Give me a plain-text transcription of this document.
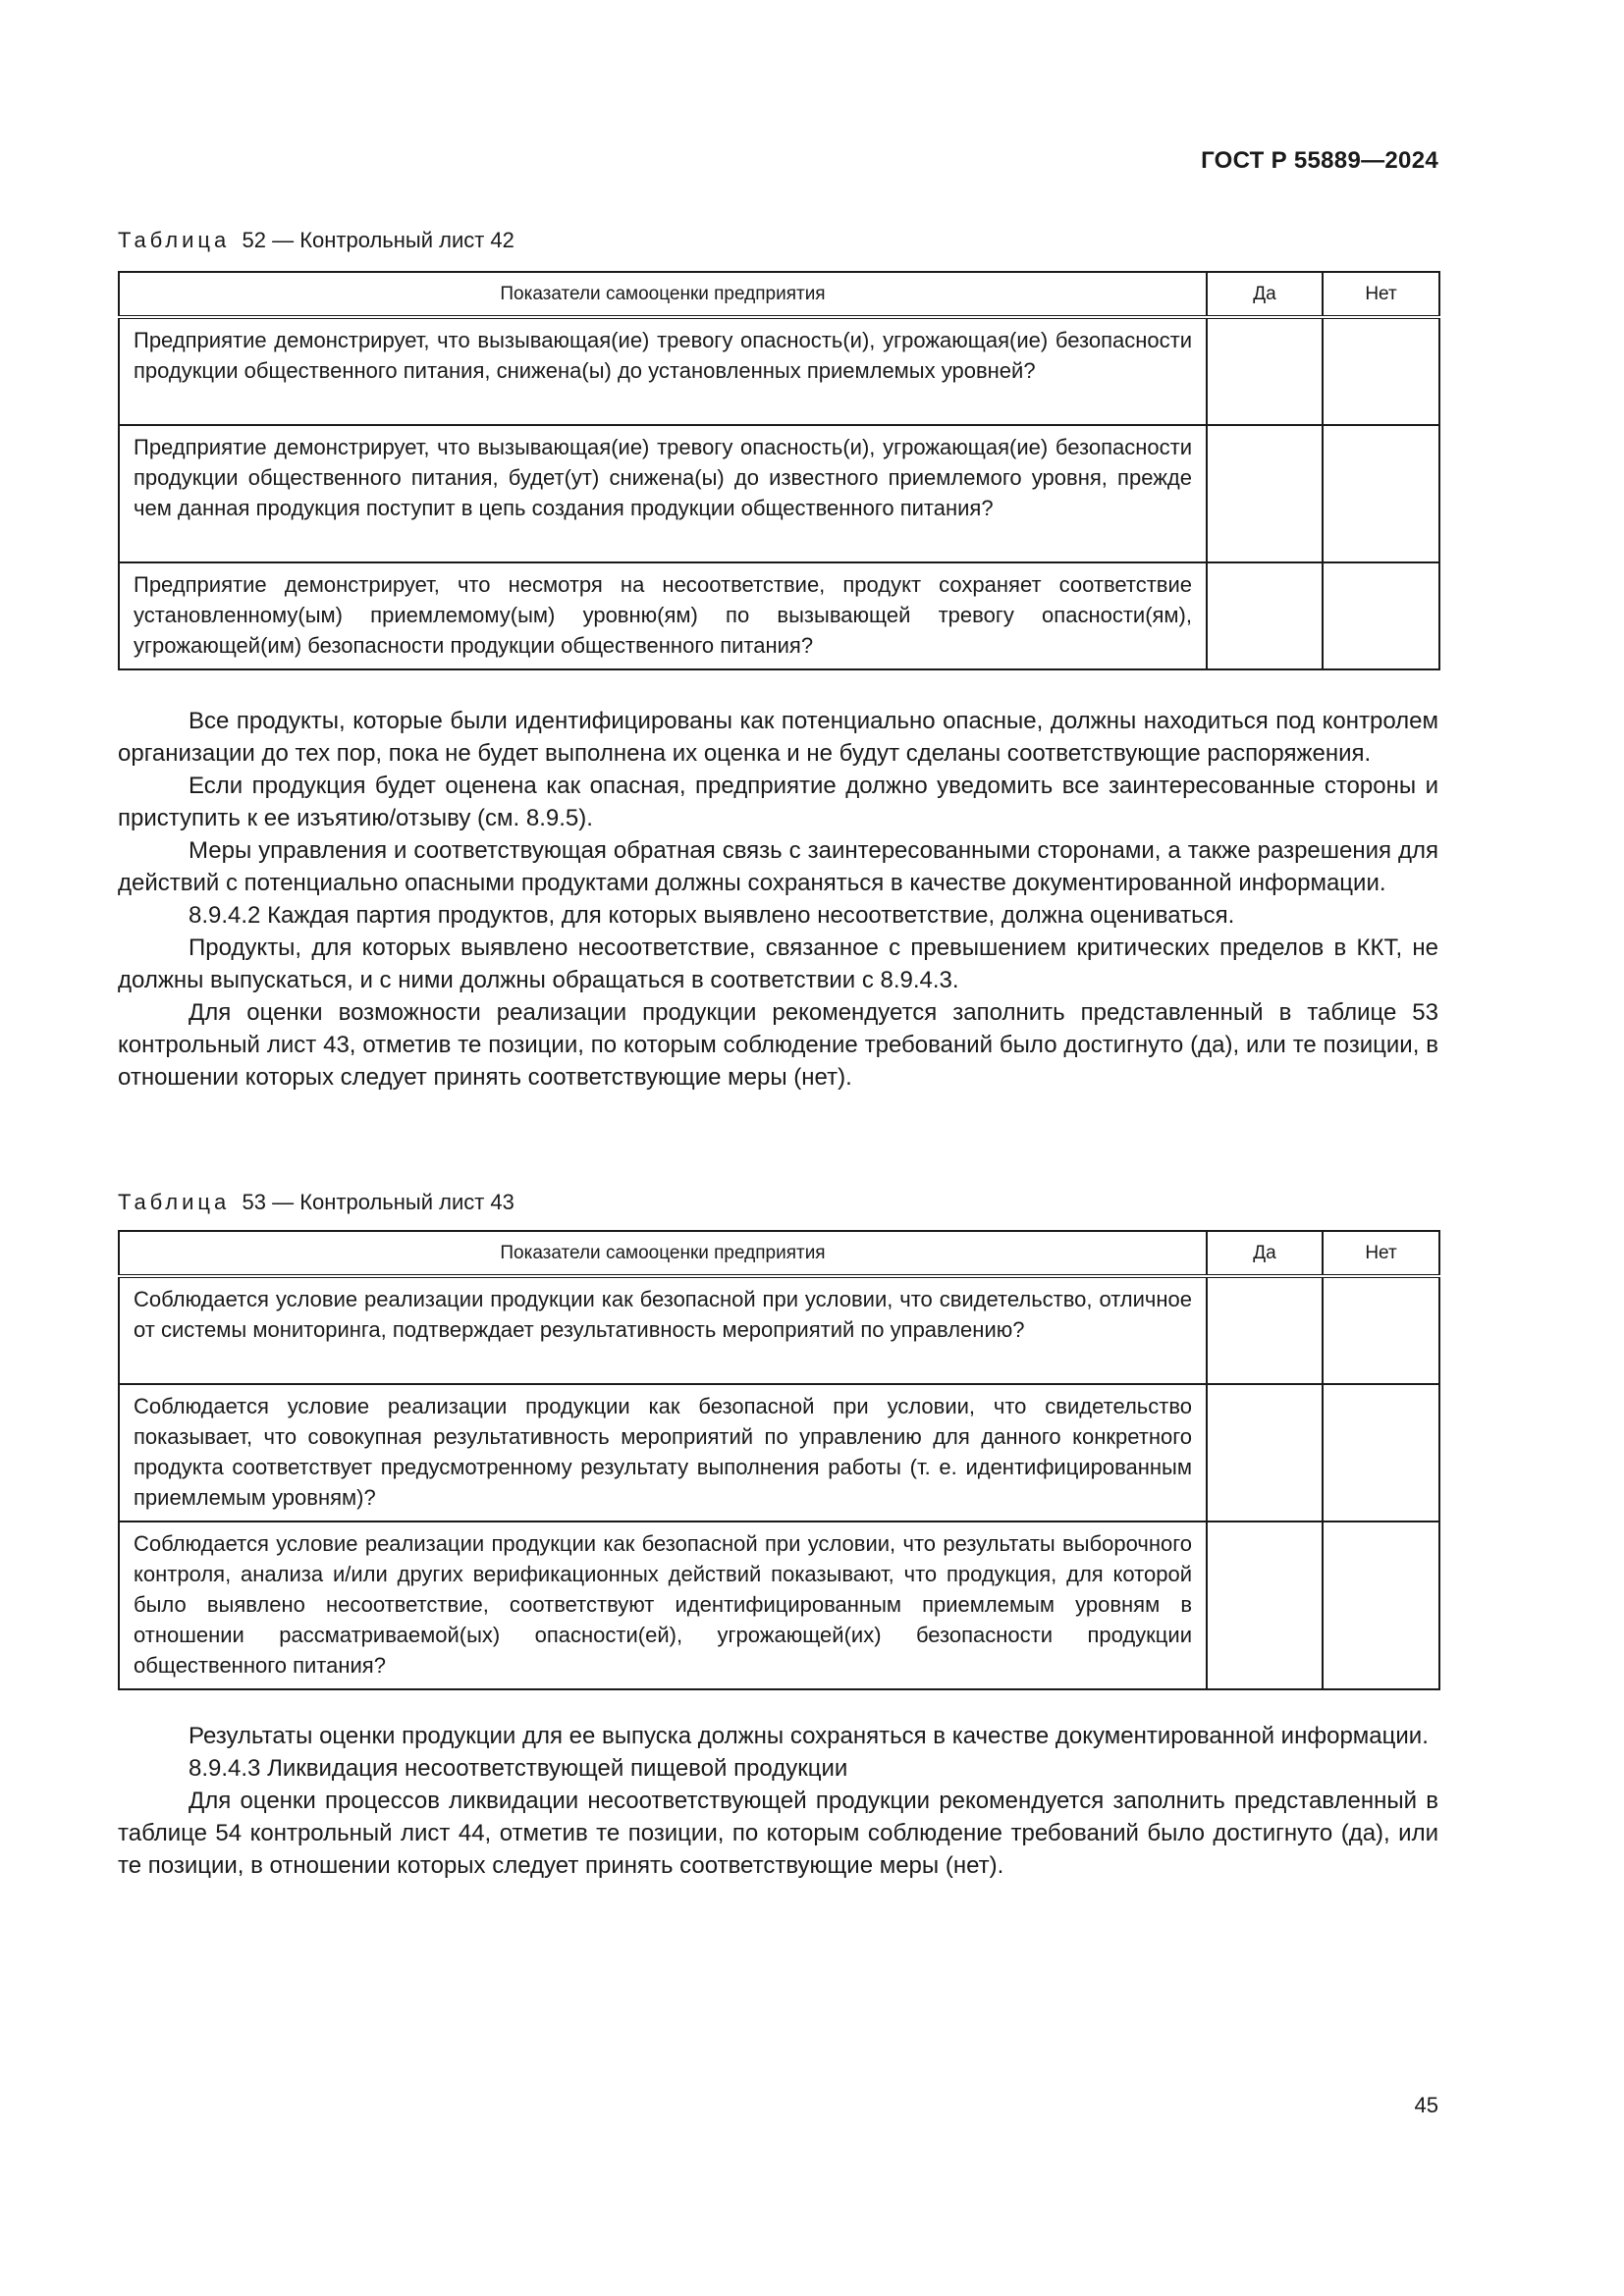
ГОСТ Р 55889—2024
Таблица 52 — Контрольный лист 42
Показатели самооценки предприятия	Да	Нет
Предприятие демонстрирует, что вызывающая(ие) тревогу опасность(и), угрожающая(ие) безопасности продукции общественного питания, снижена(ы) до установленных приемлемых уровней?		
Предприятие демонстрирует, что вызывающая(ие) тревогу опасность(и), угрожающая(ие) безопасности продукции общественного питания, будет(ут) снижена(ы) до известного приемлемого уровня, прежде чем данная продукция поступит в цепь создания продукции общественного питания?		
Предприятие демонстрирует, что несмотря на несоответствие, продукт сохраняет соответствие установленному(ым) приемлемому(ым) уровню(ям) по вызывающей тревогу опасности(ям), угрожающей(им) безопасности продукции общественного питания?		

Все продукты, которые были идентифицированы как потенциально опасные, должны находиться под контролем организации до тех пор, пока не будет выполнена их оценка и не будут сделаны соответствующие распоряжения.

Если продукция будет оценена как опасная, предприятие должно уведомить все заинтересованные стороны и приступить к ее изъятию/отзыву (см. 8.9.5).

Меры управления и соответствующая обратная связь с заинтересованными сторонами, а также разрешения для действий с потенциально опасными продуктами должны сохраняться в качестве документированной информации.

8.9.4.2 Каждая партия продуктов, для которых выявлено несоответствие, должна оцениваться.

Продукты, для которых выявлено несоответствие, связанное с превышением критических пределов в ККТ, не должны выпускаться, и с ними должны обращаться в соответствии с 8.9.4.3.

Для оценки возможности реализации продукции рекомендуется заполнить представленный в таблице 53 контрольный лист 43, отметив те позиции, по которым соблюдение требований было достигнуто (да), или те позиции, в отношении которых следует принять соответствующие меры (нет).

Таблица 53 — Контрольный лист 43
Показатели самооценки предприятия	Да	Нет
Соблюдается условие реализации продукции как безопасной при условии, что свидетельство, отличное от системы мониторинга, подтверждает результативность мероприятий по управлению?		
Соблюдается условие реализации продукции как безопасной при условии, что свидетельство показывает, что совокупная результативность мероприятий по управлению для данного конкретного продукта соответствует предусмотренному результату выполнения работы (т. е. идентифицированным приемлемым уровням)?		
Соблюдается условие реализации продукции как безопасной при условии, что результаты выборочного контроля, анализа и/или других верификационных действий показывают, что продукция, для которой было выявлено несоответствие, соответствуют идентифицированным приемлемым уровням в отношении рассматриваемой(ых) опасности(ей), угрожающей(их) безопасности продукции общественного питания?		

Результаты оценки продукции для ее выпуска должны сохраняться в качестве документированной информации.

8.9.4.3 Ликвидация несоответствующей пищевой продукции

Для оценки процессов ликвидации несоответствующей продукции рекомендуется заполнить представленный в таблице 54 контрольный лист 44, отметив те позиции, по которым соблюдение требований было достигнуто (да), или те позиции, в отношении которых следует принять соответствующие меры (нет).

45
